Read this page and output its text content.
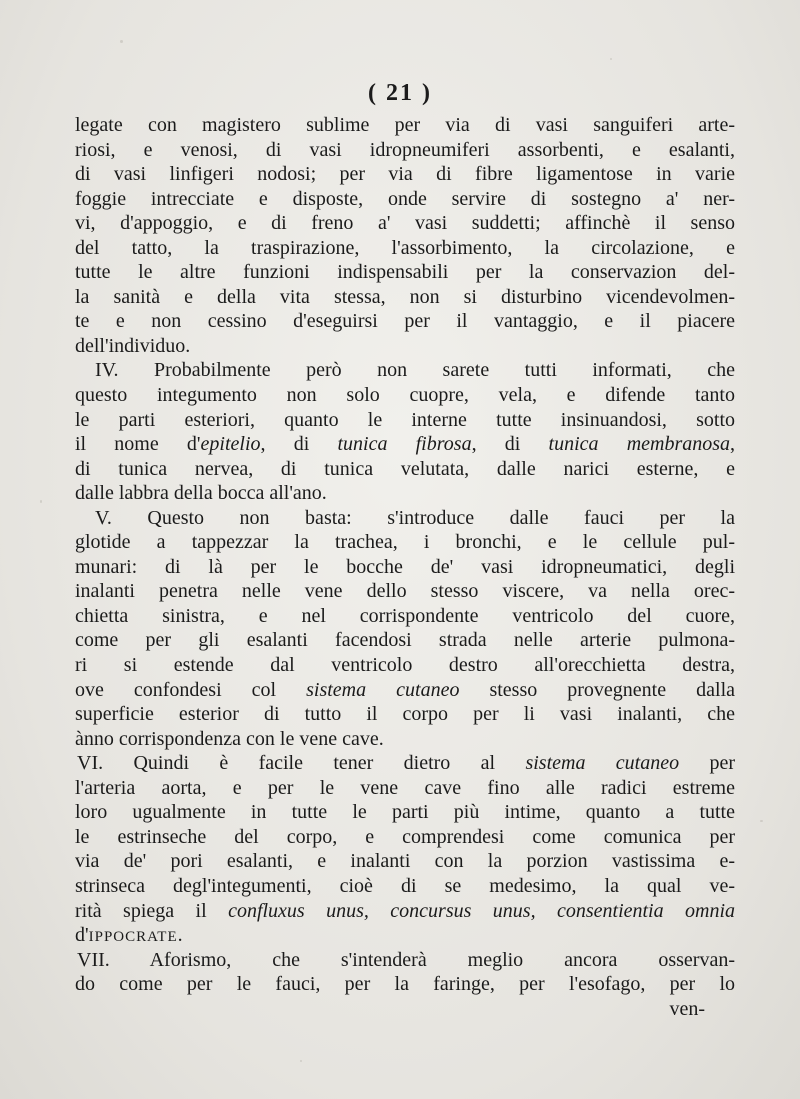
( 21 )
legate con magistero sublime per via di vasi sanguiferi arte-
riosi, e venosi, di vasi idropneumiferi assorbenti, e esalanti,
di vasi linfigeri nodosi; per via di fibre ligamentose in varie
foggie intrecciate e disposte, onde servire di sostegno a' ner-
vi, d'appoggio, e di freno a' vasi suddetti; affinchè il senso
del tatto, la traspirazione, l'assorbimento, la circolazione, e
tutte le altre funzioni indispensabili per la conservazion del-
la sanità e della vita stessa, non si disturbino vicendevolmen-
te e non cessino d'eseguirsi per il vantaggio, e il piacere
dell'individuo.
IV. Probabilmente però non sarete tutti informati, che
questo integumento non solo cuopre, vela, e difende tanto
le parti esteriori, quanto le interne tutte insinuandosi, sotto
il nome d'epitelio, di tunica fibrosa, di tunica membranosa,
di tunica nervea, di tunica velutata, dalle narici esterne, e
dalle labbra della bocca all'ano.
V. Questo non basta: s'introduce dalle fauci per la
glotide a tappezzar la trachea, i bronchi, e le cellule pul-
munari: di là per le bocche de' vasi idropneumatici, degli
inalanti penetra nelle vene dello stesso viscere, va nella orec-
chietta sinistra, e nel corrispondente ventricolo del cuore,
come per gli esalanti facendosi strada nelle arterie pulmona-
ri si estende dal ventricolo destro all'orecchietta destra,
ove confondesi col sistema cutaneo stesso provegnente dalla
superficie esterior di tutto il corpo per li vasi inalanti, che
ànno corrispondenza con le vene cave.
VI. Quindi è facile tener dietro al sistema cutaneo per
l'arteria aorta, e per le vene cave fino alle radici estreme
loro ugualmente in tutte le parti più intime, quanto a tutte
le estrinseche del corpo, e comprendesi come comunica per
via de' pori esalanti, e inalanti con la porzion vastissima e-
strinseca degl'integumenti, cioè di se medesimo, la qual ve-
rità spiega il confluxus unus, concursus unus, consentientia omnia
d'IPPOCRATE.
VII. Aforismo, che s'intenderà meglio ancora osservan-
do come per le fauci, per la faringe, per l'esofago, per lo
ven-
